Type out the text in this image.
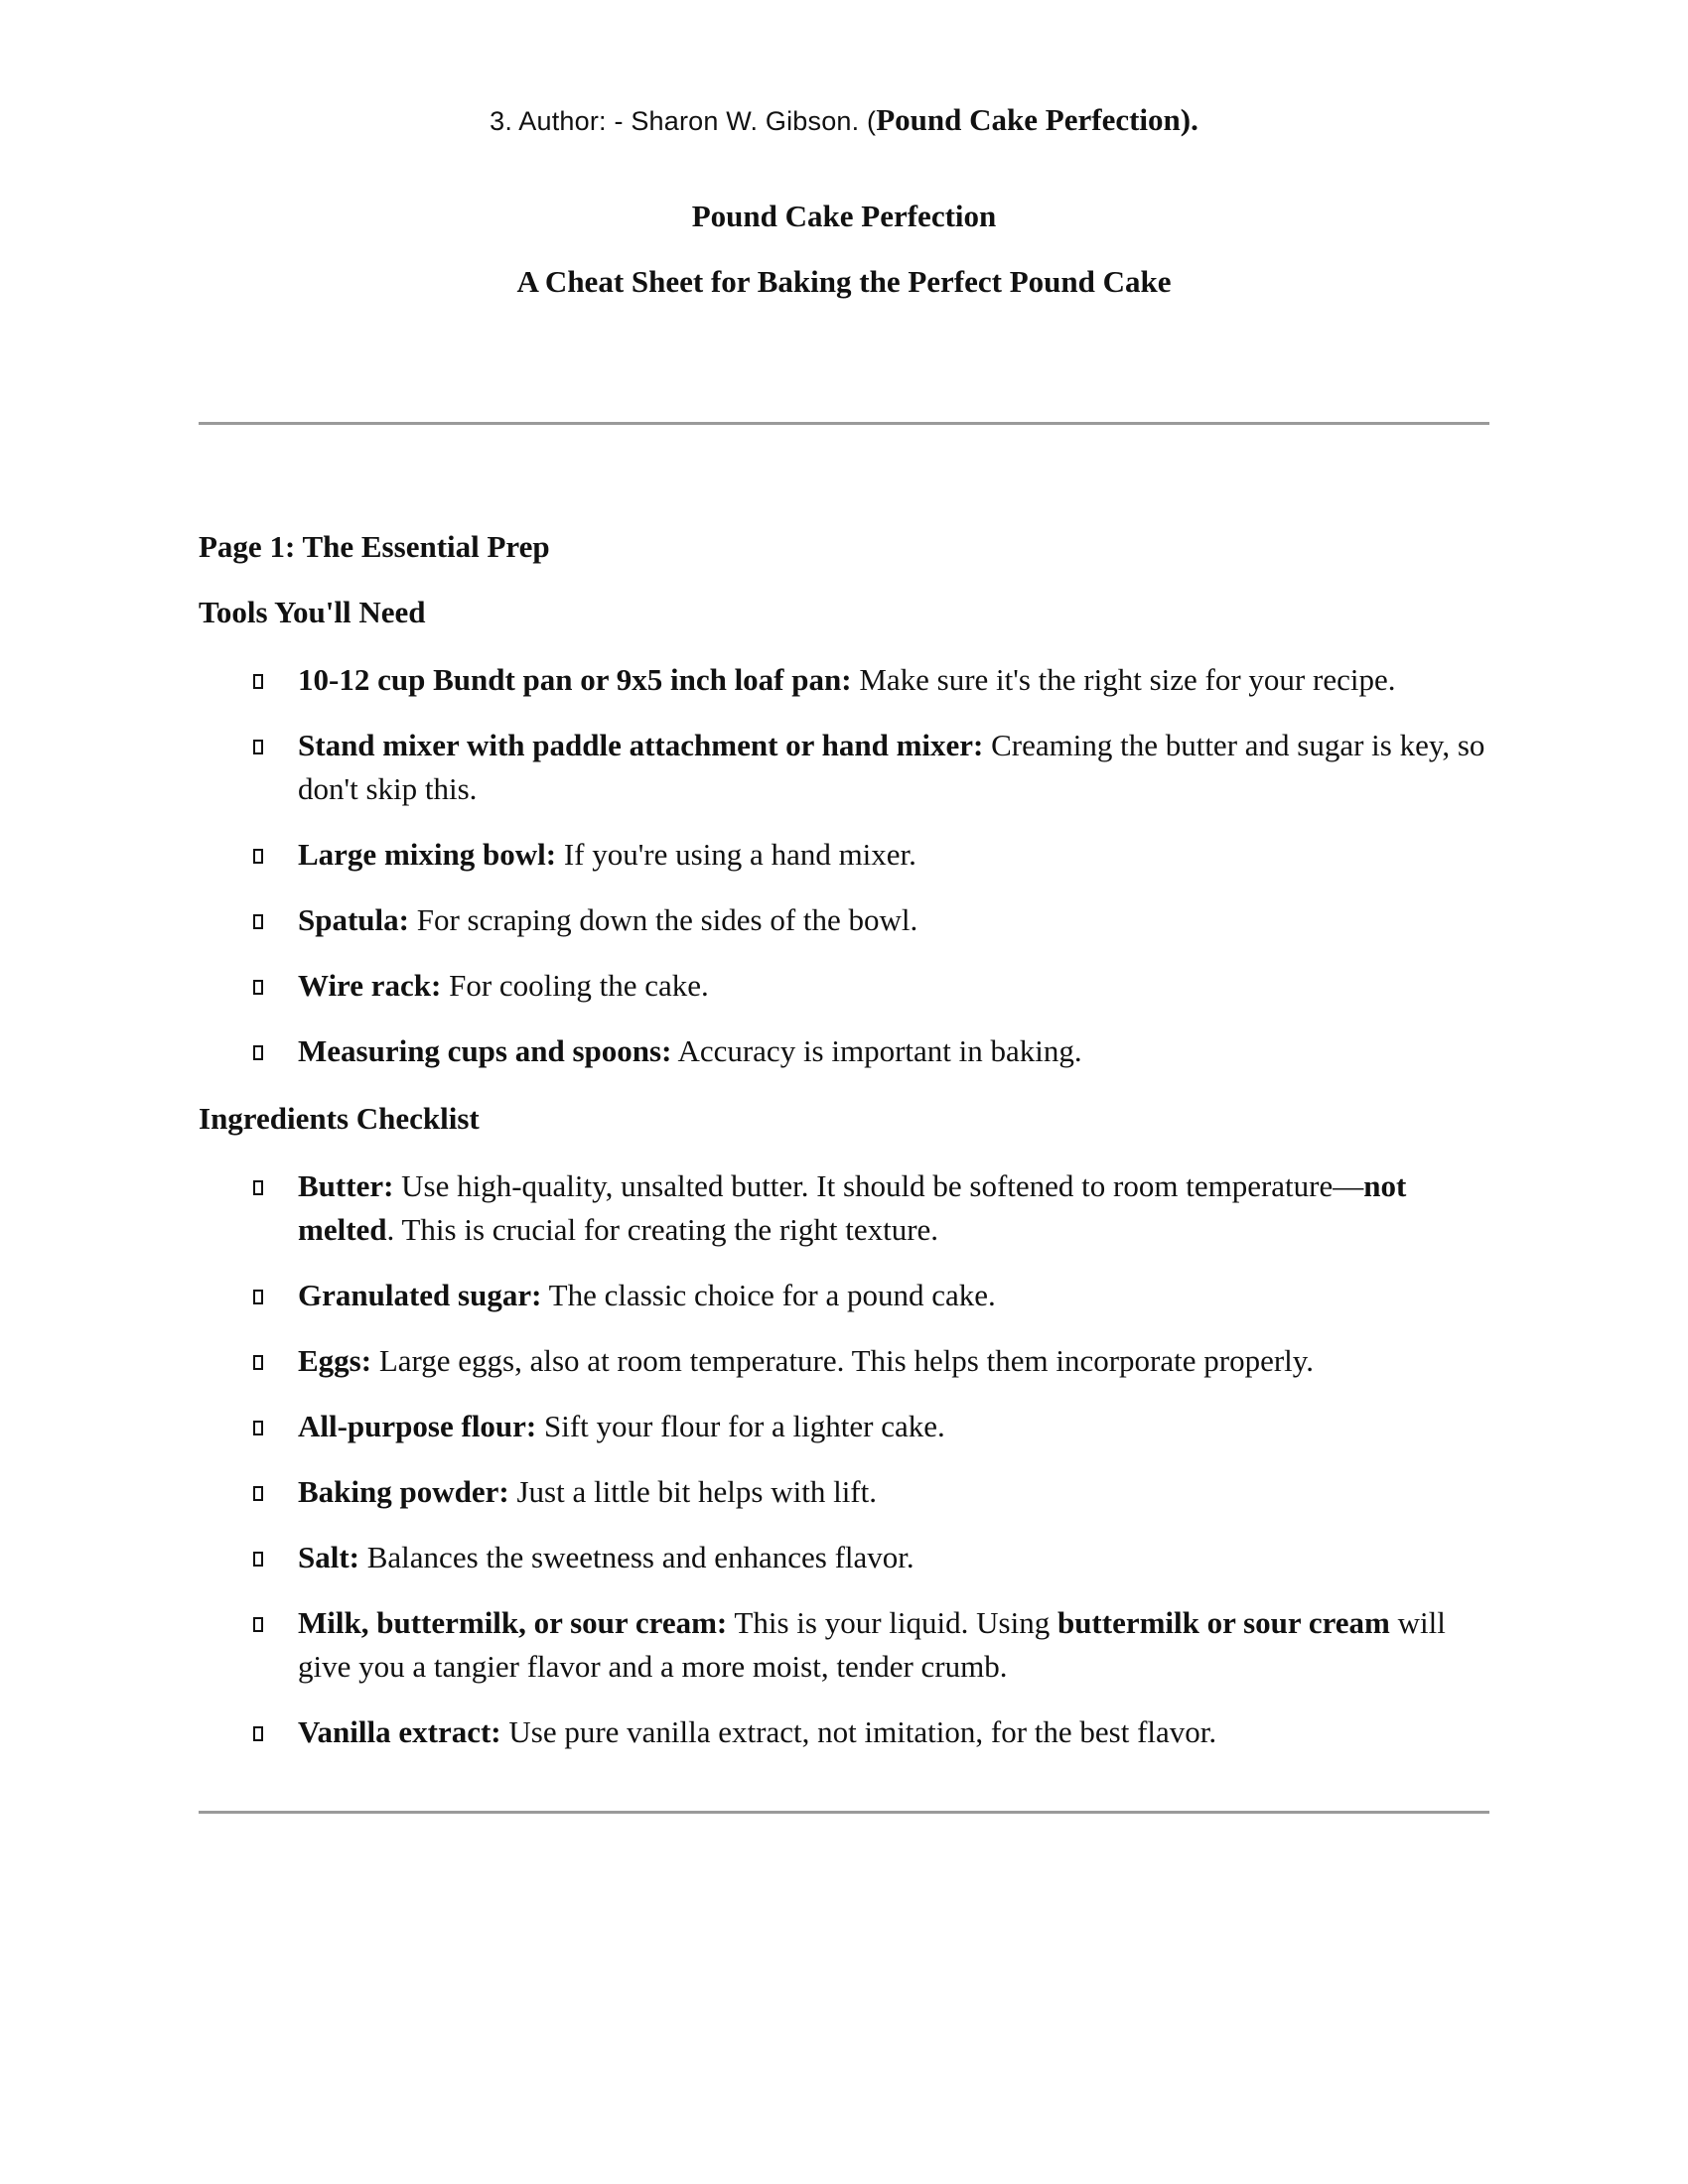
3. Author: - Sharon W. Gibson. (Pound Cake Perfection).
Pound Cake Perfection
A Cheat Sheet for Baking the Perfect Pound Cake
Page 1: The Essential Prep
Tools You'll Need
10-12 cup Bundt pan or 9x5 inch loaf pan: Make sure it's the right size for your recipe.
Stand mixer with paddle attachment or hand mixer: Creaming the butter and sugar is key, so don't skip this.
Large mixing bowl: If you're using a hand mixer.
Spatula: For scraping down the sides of the bowl.
Wire rack: For cooling the cake.
Measuring cups and spoons: Accuracy is important in baking.
Ingredients Checklist
Butter: Use high-quality, unsalted butter. It should be softened to room temperature—not melted. This is crucial for creating the right texture.
Granulated sugar: The classic choice for a pound cake.
Eggs: Large eggs, also at room temperature. This helps them incorporate properly.
All-purpose flour: Sift your flour for a lighter cake.
Baking powder: Just a little bit helps with lift.
Salt: Balances the sweetness and enhances flavor.
Milk, buttermilk, or sour cream: This is your liquid. Using buttermilk or sour cream will give you a tangier flavor and a more moist, tender crumb.
Vanilla extract: Use pure vanilla extract, not imitation, for the best flavor.
